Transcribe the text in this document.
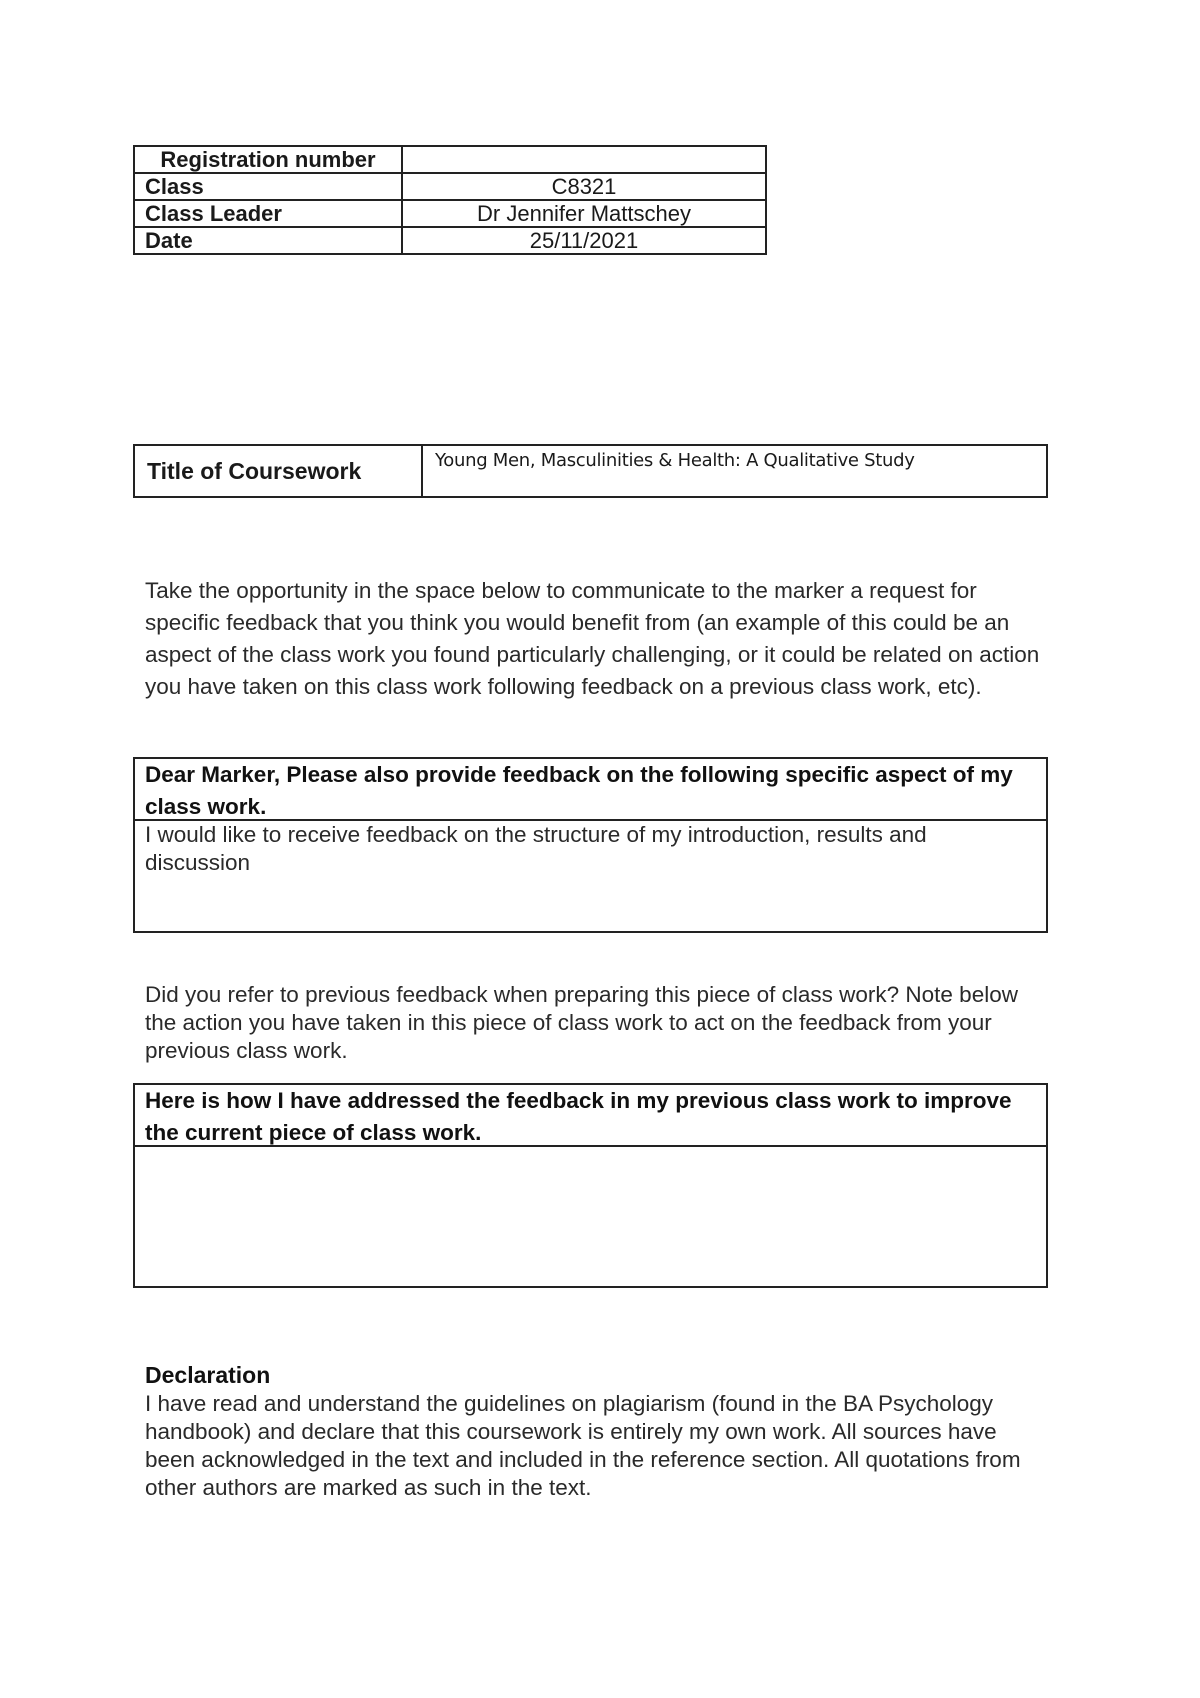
Registration number	
Class	C8321
Class Leader	Dr Jennifer Mattschey
Date	25/11/2021
Title of Coursework	Young Men, Masculinities & Health: A Qualitative Study
Take the opportunity in the space below to communicate to the marker a request for specific feedback that you think you would benefit from (an example of this could be an aspect of the class work you found particularly challenging, or it could be related on action you have taken on this class work following feedback on a previous class work, etc).
Dear Marker, Please also provide feedback on the following specific aspect of my class work.
I would like to receive feedback on the structure of my introduction, results and discussion
Did you refer to previous feedback when preparing this piece of class work? Note below the action you have taken in this piece of class work to act on the feedback from your previous class work.
Here is how I have addressed the feedback in my previous class work to improve the current piece of class work.
Declaration
I have read and understand the guidelines on plagiarism (found in the BA Psychology handbook) and declare that this coursework is entirely my own work. All sources have been acknowledged in the text and included in the reference section. All quotations from other authors are marked as such in the text.
